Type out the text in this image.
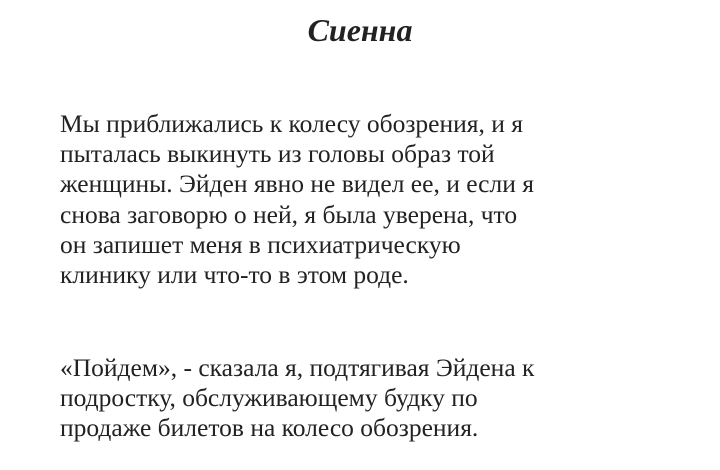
Сиенна

Мы приближались к колесу обозрения, и я
пыталась выкинуть из головы образ той
женщины. Эйден явно не видел ее, и если я
снова заговорю о ней, я была уверена, что
он запишет меня в психиатрическую
клинику или что-то в этом роде.

«Пойдем», - сказала я, подтягивая Эйдена к
подростку, обслуживающему будку по
продаже билетов на колесо обозрения.
